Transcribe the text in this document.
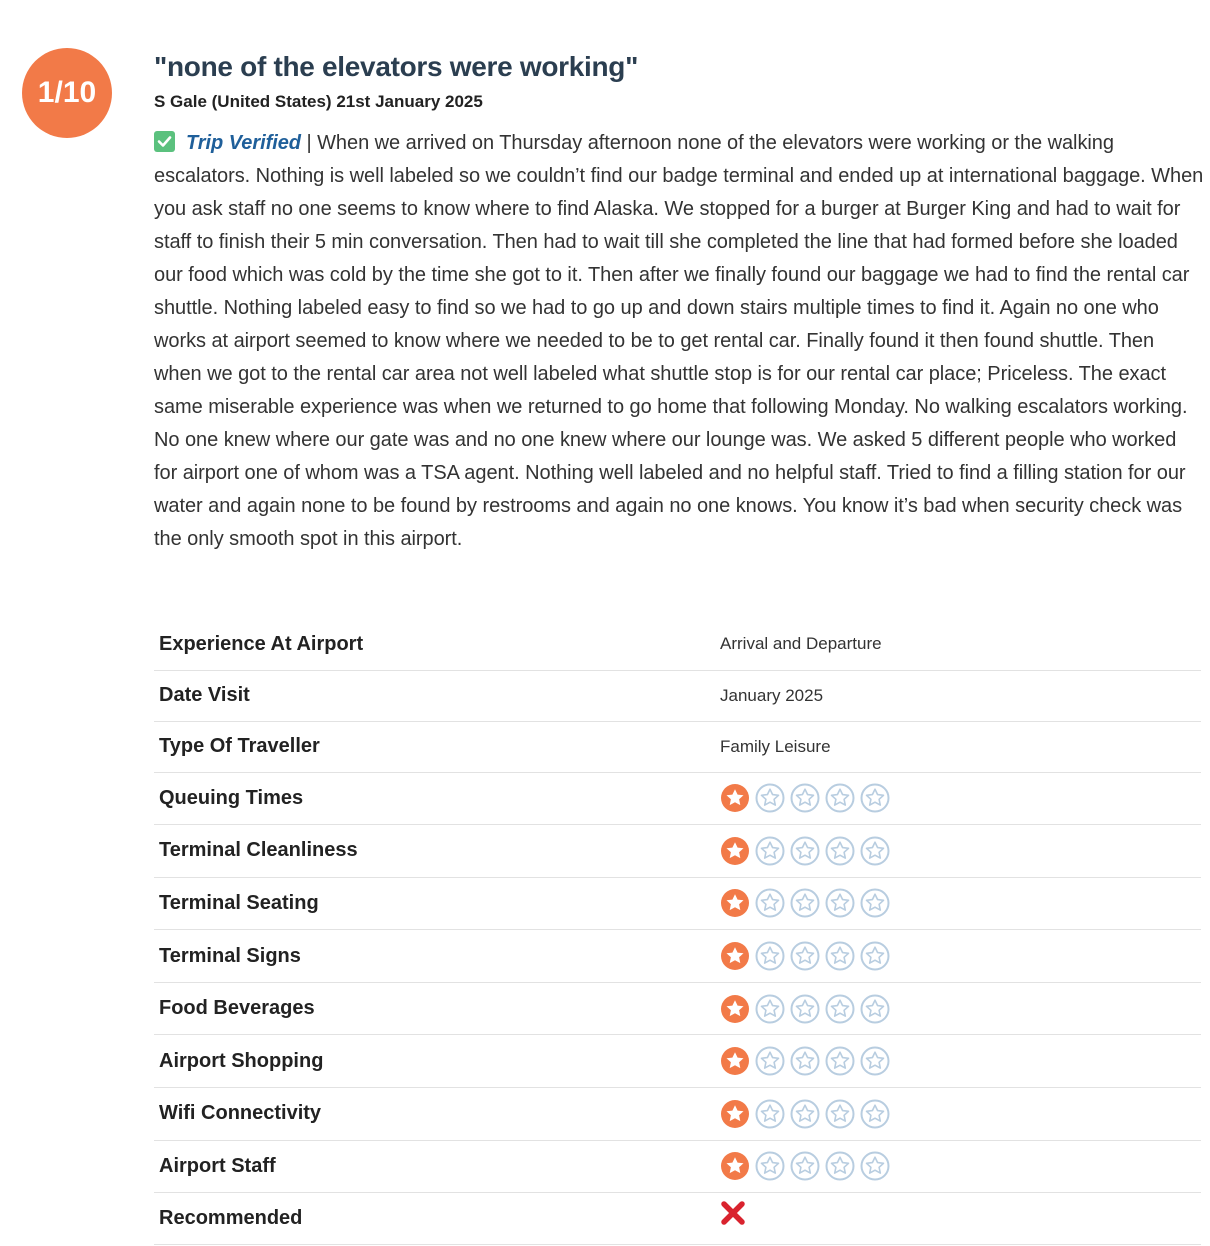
1/10
"none of the elevators were working"

S Gale (United States) 21st January 2025

Trip Verified | When we arrived on Thursday afternoon none of the elevators were working or the walking escalators. Nothing is well labeled so we couldn’t find our badge terminal and ended up at international baggage. When you ask staff no one seems to know where to find Alaska. We stopped for a burger at Burger King and had to wait for staff to finish their 5 min conversation. Then had to wait till she completed the line that had formed before she loaded our food which was cold by the time she got to it. Then after we finally found our baggage we had to find the rental car shuttle. Nothing labeled easy to find so we had to go up and down stairs multiple times to find it. Again no one who works at airport seemed to know where we needed to be to get rental car. Finally found it then found shuttle. Then when we got to the rental car area not well labeled what shuttle stop is for our rental car place; Priceless. The exact same miserable experience was when we returned to go home that following Monday. No walking escalators working. No one knew where our gate was and no one knew where our lounge was. We asked 5 different people who worked for airport one of whom was a TSA agent. Nothing well labeled and no helpful staff. Tried to find a filling station for our water and again none to be found by restrooms and again no one knows. You know it’s bad when security check was the only smooth spot in this airport.

Experience At Airport	Arrival and Departure
Date Visit	January 2025
Type Of Traveller	Family Leisure
Queuing Times	

Terminal Cleanliness	

Terminal Seating	

Terminal Signs	

Food Beverages	

Airport Shopping	

Wifi Connectivity	

Airport Staff	

Recommended	
